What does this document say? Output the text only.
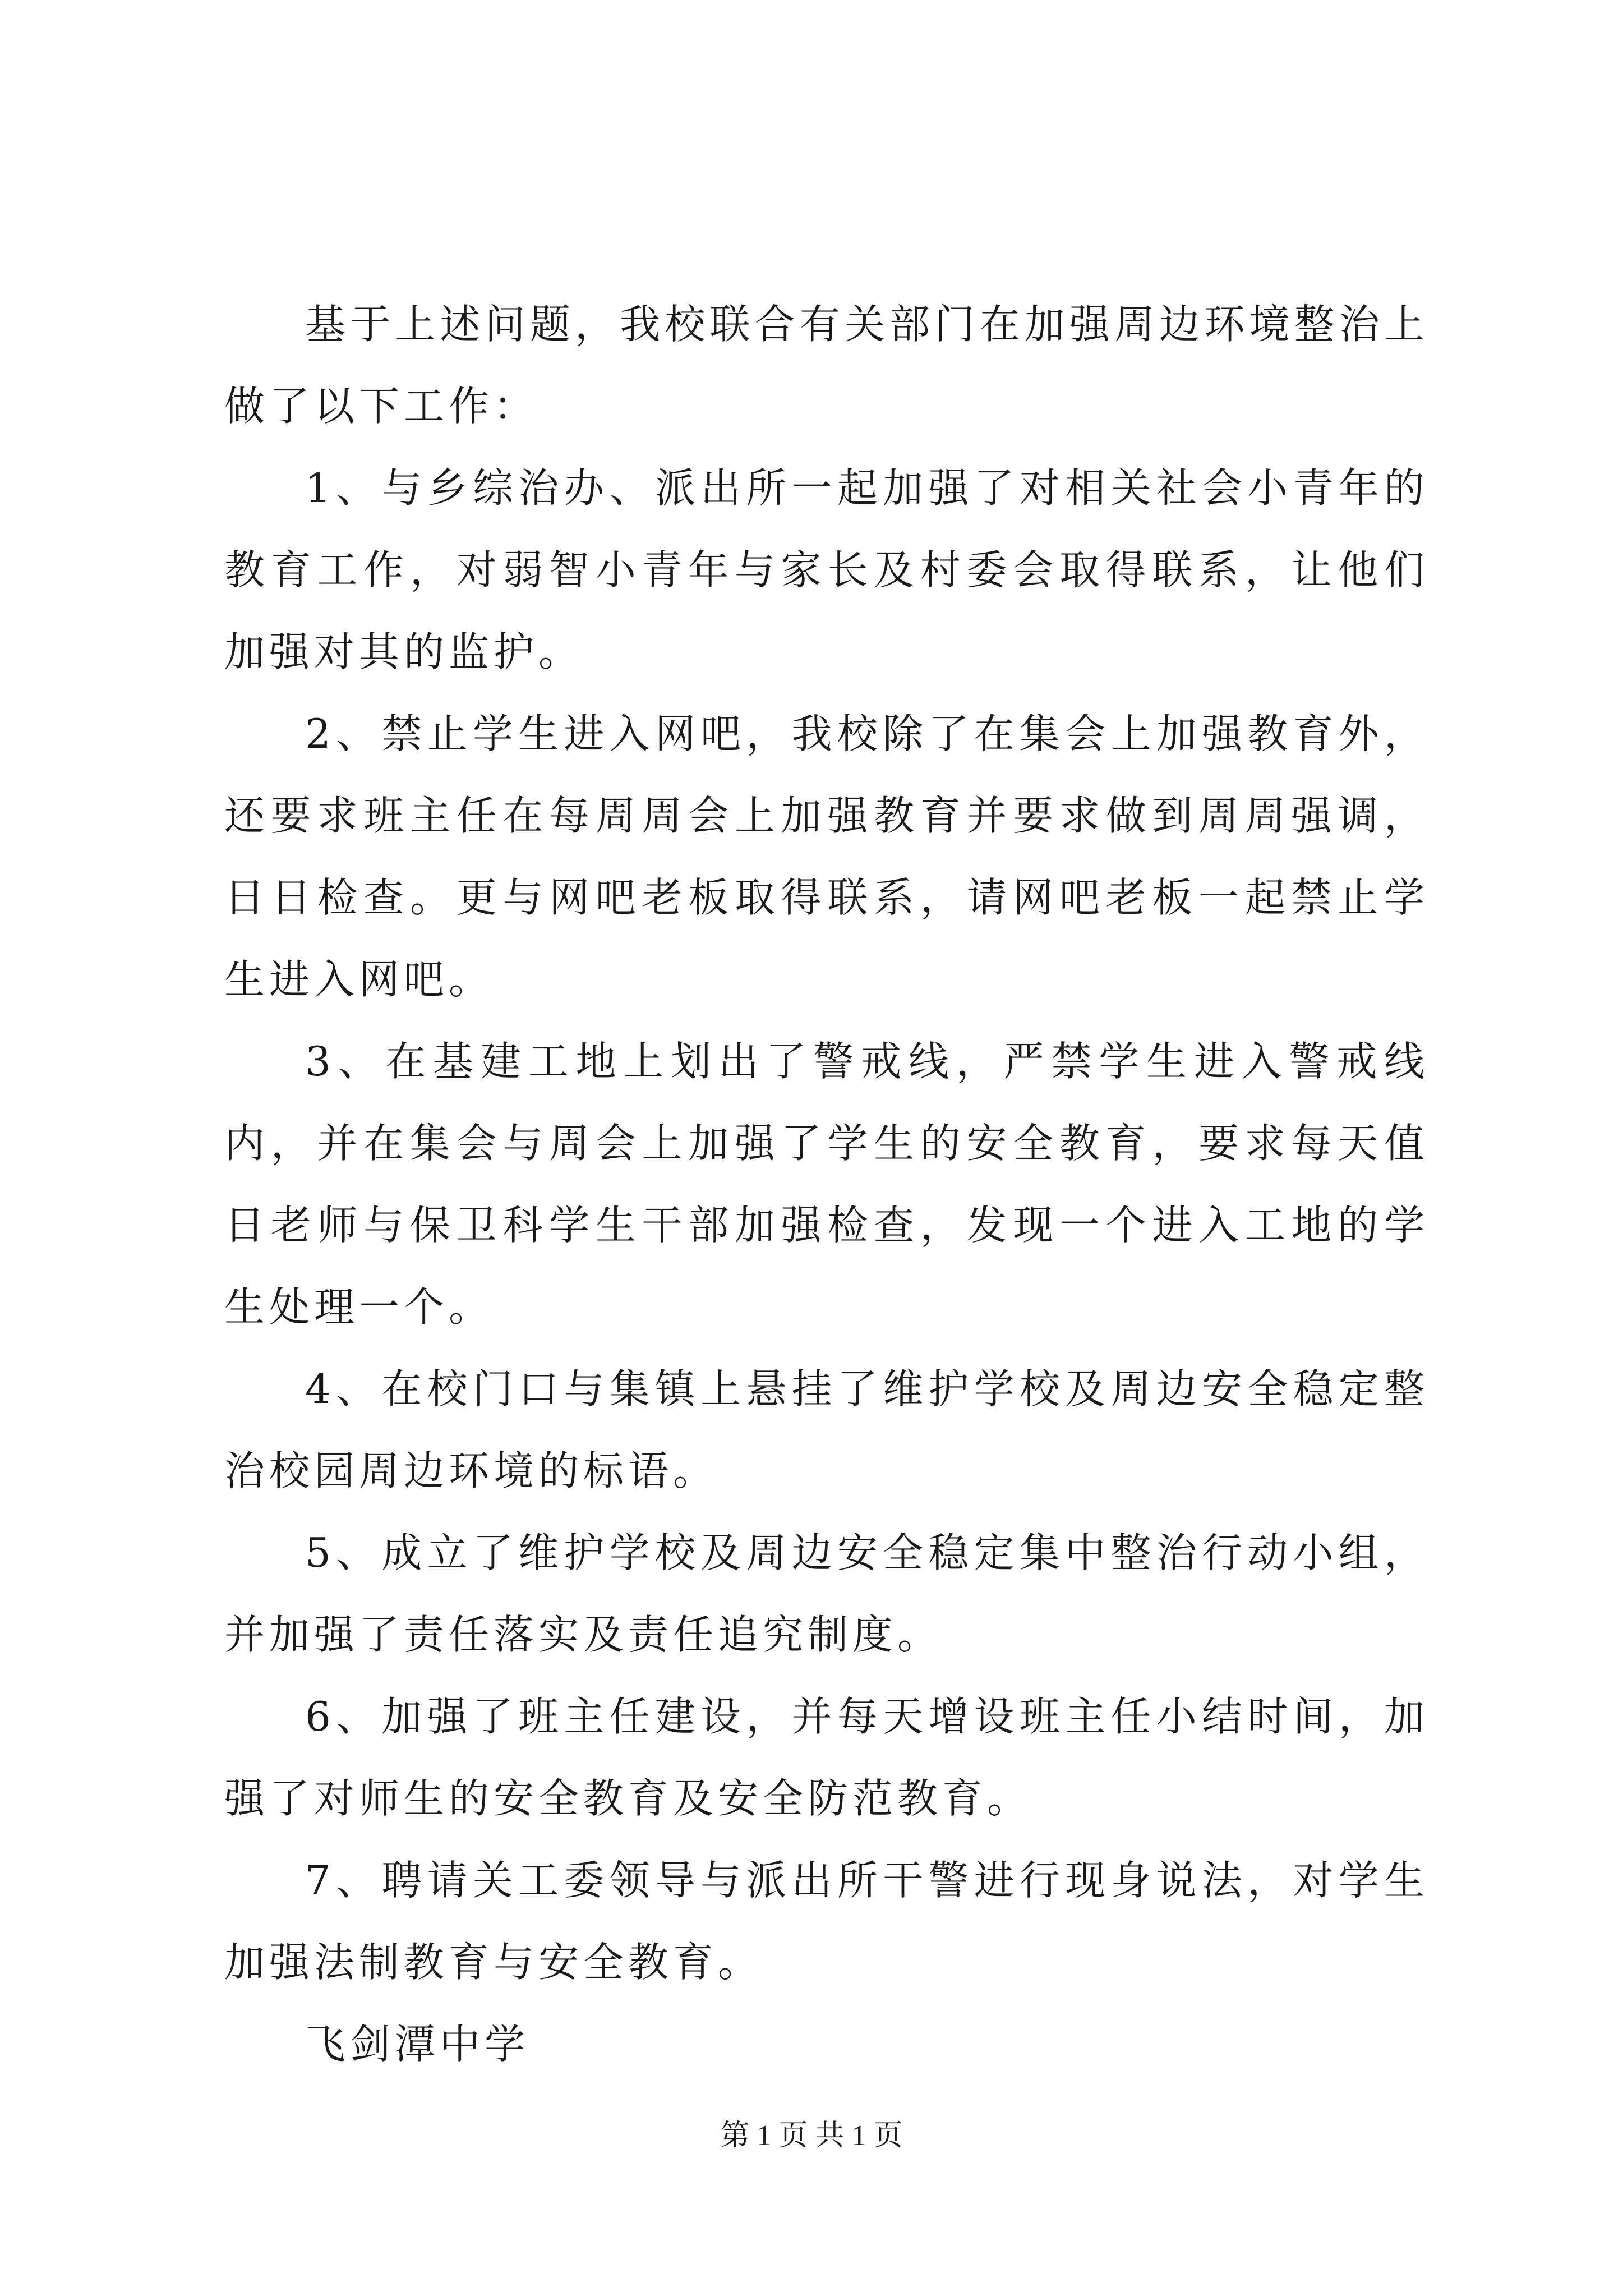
基于上述问题，我校联合有关部门在加强周边环境整治上做了以下工作：

1、与乡综治办、派出所一起加强了对相关社会小青年的教育工作，对弱智小青年与家长及村委会取得联系，让他们加强对其的监护。

2、禁止学生进入网吧，我校除了在集会上加强教育外，还要求班主任在每周周会上加强教育并要求做到周周强调，日日检查。更与网吧老板取得联系，请网吧老板一起禁止学生进入网吧。

3、在基建工地上划出了警戒线，严禁学生进入警戒线内，并在集会与周会上加强了学生的安全教育，要求每天值日老师与保卫科学生干部加强检查，发现一个进入工地的学生处理一个。

4、在校门口与集镇上悬挂了维护学校及周边安全稳定整治校园周边环境的标语。

5、成立了维护学校及周边安全稳定集中整治行动小组，并加强了责任落实及责任追究制度。

6、加强了班主任建设，并每天增设班主任小结时间，加强了对师生的安全教育及安全防范教育。

7、聘请关工委领导与派出所干警进行现身说法，对学生加强法制教育与安全教育。

飞剑潭中学

第 1 页 共 1 页
